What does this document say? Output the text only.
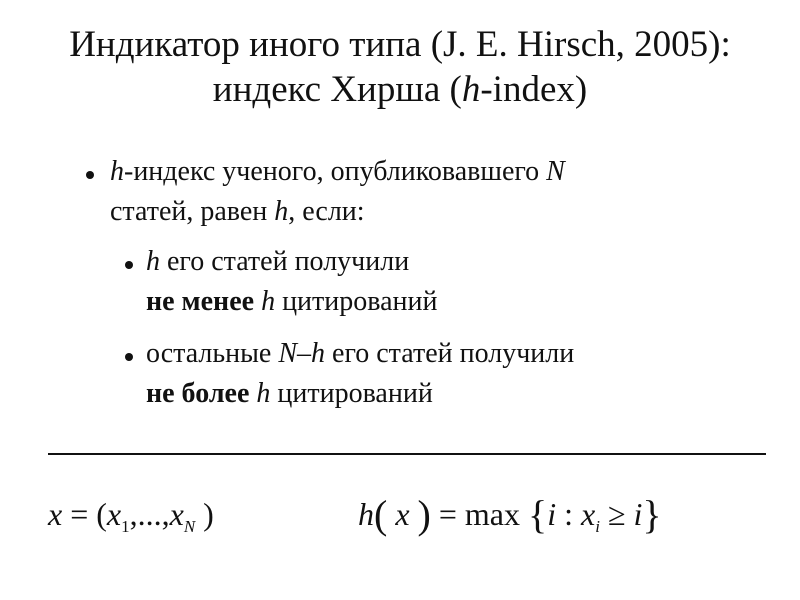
Индикатор иного типа (J. E. Hirsch, 2005):
индекс Хирша (h-index)
h-индекс ученого, опубликовавшего N
статей, равен h, если:
h его статей получили
не менее h цитирований
остальные N–h его статей получили
не более h цитирований
$x = (x_1,...,x_N$ )	h( x ) = max {i : $x_i \ge i$}
